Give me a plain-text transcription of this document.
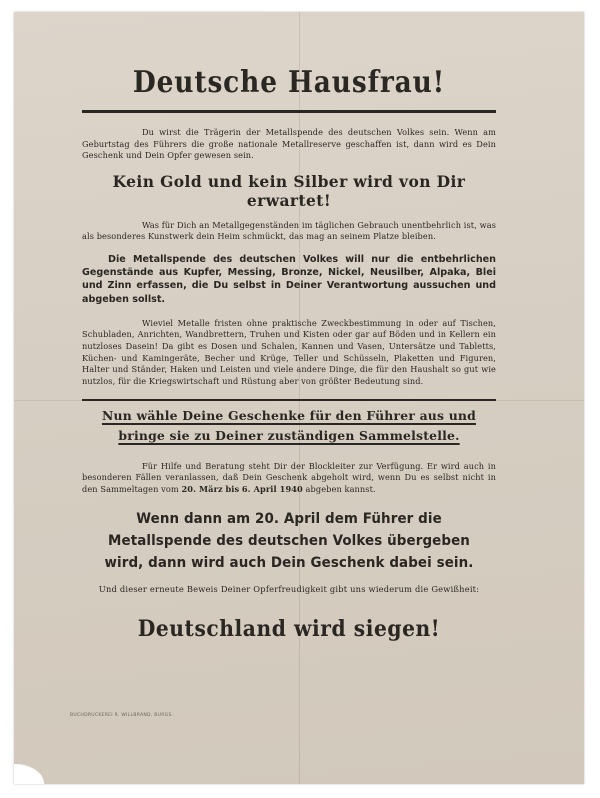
Deutsche Hausfrau!

Du wirst die Trägerin der Metallspende des deutschen Volkes sein. Wenn am Geburtstag des Führers die große nationale Metallreserve geschaffen ist, dann wird es Dein Geschenk und Dein Opfer gewesen sein.

Kein Gold und kein Silber wird von Dir erwartet!

Was für Dich an Metallgegenständen im täglichen Gebrauch unentbehrlich ist, was als besonderes Kunstwerk dein Heim schmückt, das mag an seinem Platze bleiben.

Die Metallspende des deutschen Volkes will nur die entbehrlichen Gegenstände aus Kupfer, Messing, Bronze, Nickel, Neusilber, Alpaka, Blei und Zinn erfassen, die Du selbst in Deiner Verantwortung aussuchen und abgeben sollst.

Wieviel Metalle fristen ohne praktische Zweckbestimmung in oder auf Tischen, Schubladen, Anrichten, Wandbrettern, Truhen und Kisten oder gar auf Böden und in Kellern ein nutzloses Dasein! Da gibt es Dosen und Schalen, Kannen und Vasen, Untersätze und Tabletts, Küchen- und Kamingeräte, Becher und Krüge, Teller und Schüsseln, Plaketten und Figuren, Halter und Ständer, Haken und Leisten und viele andere Dinge, die für den Haushalt so gut wie nutzlos, für die Kriegswirtschaft und Rüstung aber von größter Bedeutung sind.

Nun wähle Deine Geschenke für den Führer aus und
bringe sie zu Deiner zuständigen Sammelstelle.

Für Hilfe und Beratung steht Dir der Blockleiter zur Verfügung. Er wird auch in besonderen Fällen veranlassen, daß Dein Geschenk abgeholt wird, wenn Du es selbst nicht in den Sammeltagen vom 20. März bis 6. April 1940 abgeben kannst.

Wenn dann am 20. April dem Führer die Metallspende des deutschen Volkes übergeben wird, dann wird auch Dein Geschenk dabei sein.
Und dieser erneute Beweis Deiner Opferfreudigkeit gibt uns wiederum die Gewißheit:
Deutschland wird siegen!
BUCHDRUCKEREI R. WILLBRAND, BURGS.
